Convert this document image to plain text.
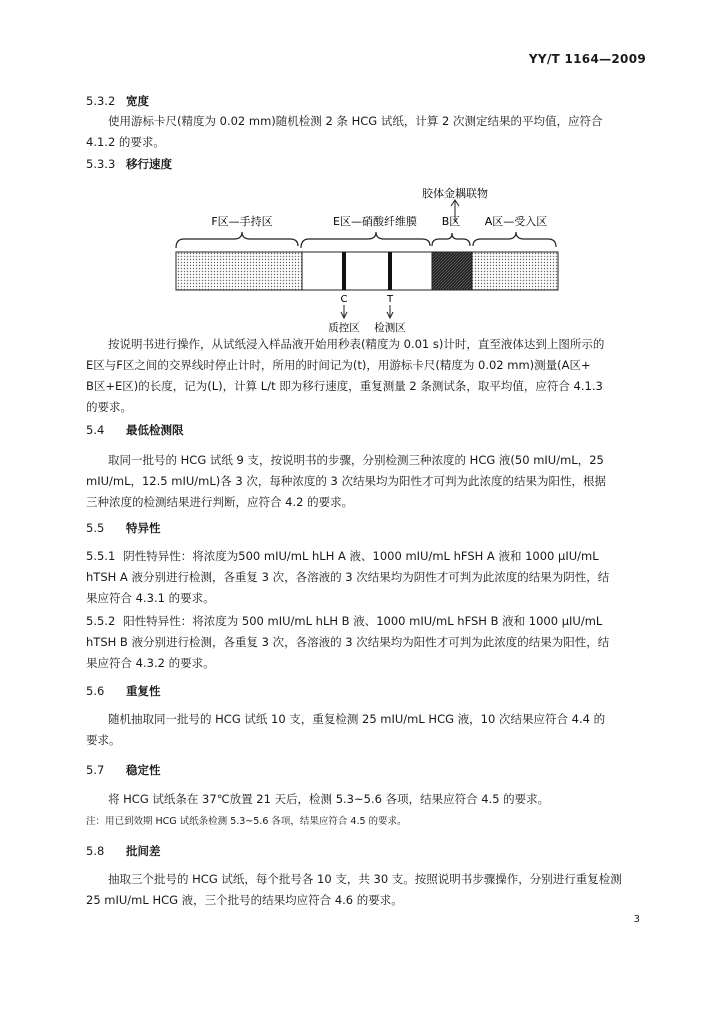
YY/T 1164—2009
5.3.2 宽度
使用游标卡尺(精度为 0.02 mm)随机检测 2 条 HCG 试纸，计算 2 次测定结果的平均值，应符合
4.1.2 的要求。
5.3.3 移行速度
胶体金耦联物
F区—手持区	E区—硝酸纤维膜 B区 A区—受入区
C	T
质控区 检测区
按说明书进行操作，从试纸浸入样品液开始用秒表(精度为 0.01 s)计时，直至液体达到上图所示的
E区与F区之间的交界线时停止计时，所用的时间记为(t)，用游标卡尺(精度为 0.02 mm)测量(A区+
B区+E区)的长度，记为(L)，计算 L/t 即为移行速度，重复测量 2 条测试条，取平均值，应符合 4.1.3
的要求。
5.4 最低检测限
取同一批号的 HCG 试纸 9 支，按说明书的步骤，分别检测三种浓度的 HCG 液(50 mIU/mL，25
mIU/mL，12.5 mIU/mL)各 3 次，每种浓度的 3 次结果均为阳性才可判为此浓度的结果为阳性，根据
三种浓度的检测结果进行判断，应符合 4.2 的要求。
5.5 特异性
5.5.1 阴性特异性：将浓度为500 mIU/mL hLH A 液、1000 mIU/mL hFSH A 液和 1000 μIU/mL
hTSH A 液分别进行检测，各重复 3 次，各溶液的 3 次结果均为阴性才可判为此浓度的结果为阴性，结
果应符合 4.3.1 的要求。
5.5.2 阳性特异性：将浓度为 500 mIU/mL hLH B 液、1000 mIU/mL hFSH B 液和 1000 μIU/mL
hTSH B 液分别进行检测，各重复 3 次，各溶液的 3 次结果均为阳性才可判为此浓度的结果为阳性，结
果应符合 4.3.2 的要求。
5.6 重复性
随机抽取同一批号的 HCG 试纸 10 支，重复检测 25 mIU/mL HCG 液，10 次结果应符合 4.4 的
要求。
5.7 稳定性
将 HCG 试纸条在 37℃放置 21 天后，检测 5.3~5.6 各项，结果应符合 4.5 的要求。
注：用已到效期 HCG 试纸条检测 5.3~5.6 各项，结果应符合 4.5 的要求。
5.8 批间差
抽取三个批号的 HCG 试纸，每个批号各 10 支，共 30 支。按照说明书步骤操作，分别进行重复检测
25 mIU/mL HCG 液，三个批号的结果均应符合 4.6 的要求。
3
